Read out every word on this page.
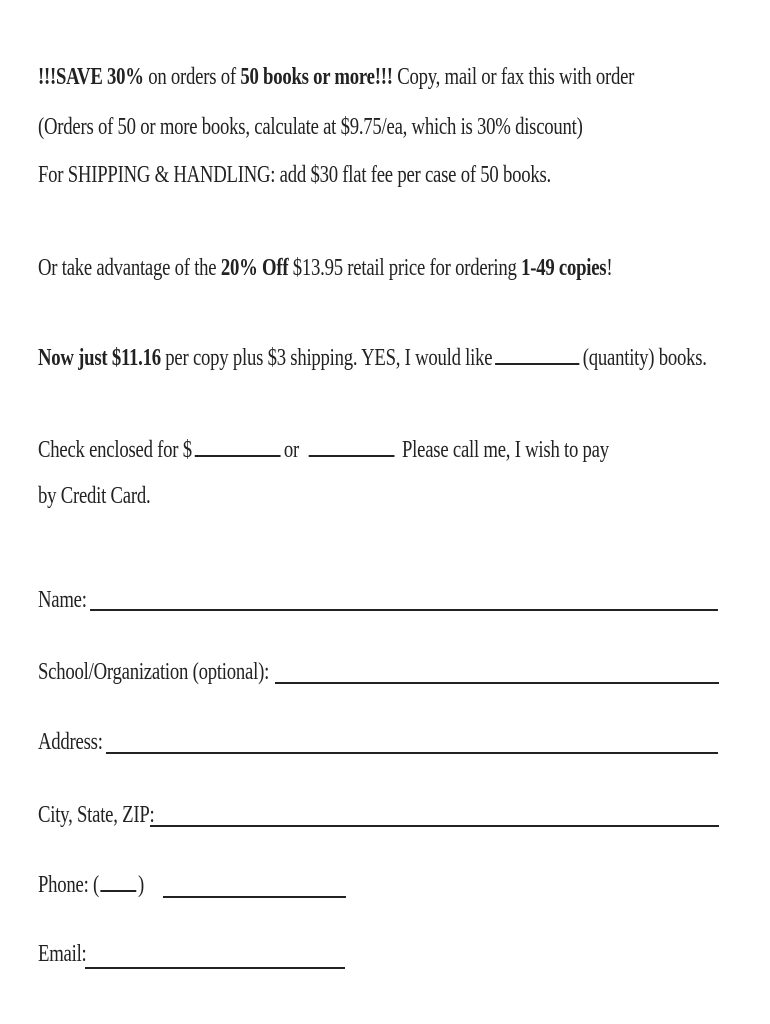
!!!SAVE 30% on orders of 50 books or more!!! Copy, mail or fax this with order
(Orders of 50 or more books, calculate at $9.75/ea, which is 30% discount)
For SHIPPING & HANDLING: add $30 flat fee per case of 50 books.
Or take advantage of the 20% Off $13.95 retail price for ordering 1-49 copies!
Now just $11.16 per copy plus $3 shipping. YES, I would like	(quantity) books.
Check enclosed for $	or	Please call me, I wish to pay
by Credit Card.
Name:
School/Organization (optional):
Address:
City, State, ZIP:
Phone: ( )
Email:
